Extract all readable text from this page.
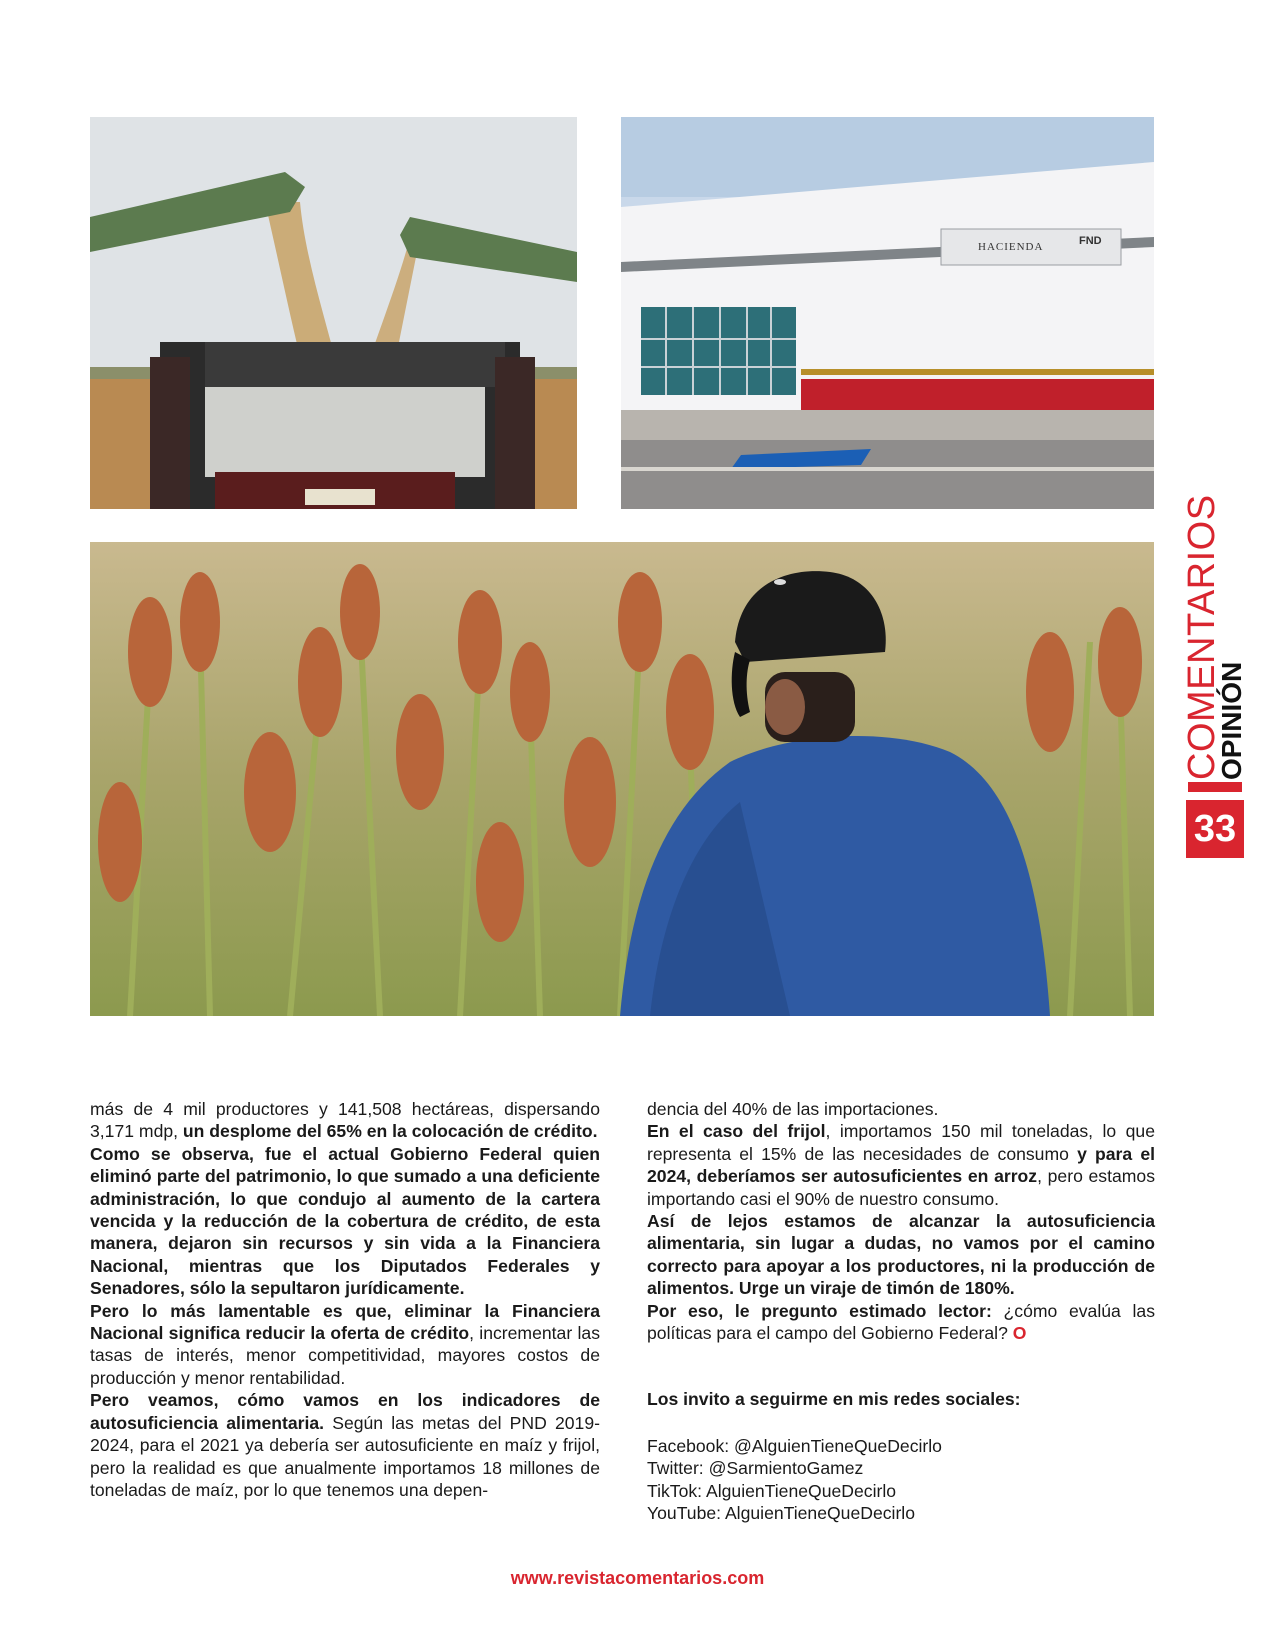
HACIENDA	FND
COMENTARIOS
OPINIÓN
33

más de 4 mil productores y 141,508 hectáreas, dispersando 3,171 mdp, un desplome del 65% en la colocación de crédito.

Como se observa, fue el actual Gobierno Federal quien eliminó parte del patrimonio, lo que sumado a una deficiente administración, lo que condujo al aumento de la cartera vencida y la reducción de la cobertura de crédito, de esta manera, dejaron sin recursos y sin vida a la Financiera Nacional, mientras que los Diputados Federales y Senadores, sólo la sepultaron jurídicamente.

Pero lo más lamentable es que, eliminar la Financiera Nacional significa reducir la oferta de crédito, incrementar las tasas de interés, menor competitividad, mayores costos de producción y menor rentabilidad.

Pero veamos, cómo vamos en los indicadores de autosuficiencia alimentaria. Según las metas del PND 2019-2024, para el 2021 ya debería ser autosuficiente en maíz y frijol, pero la realidad es que anualmente importamos 18 millones de toneladas de maíz, por lo que tenemos una depen-

dencia del 40% de las importaciones.

En el caso del frijol, importamos 150 mil toneladas, lo que representa el 15% de las necesidades de consumo y para el 2024, deberíamos ser autosuficientes en arroz, pero estamos importando casi el 90% de nuestro consumo.

Así de lejos estamos de alcanzar la autosuficiencia alimentaria, sin lugar a dudas, no vamos por el camino correcto para apoyar a los productores, ni la producción de alimentos. Urge un viraje de timón de 180%.

Por eso, le pregunto estimado lector: ¿cómo evalúa las políticas para el campo del Gobierno Federal? O

Los invito a seguirme en mis redes sociales:

Facebook: @AlguienTieneQueDecirlo

Twitter: @SarmientoGamez

TikTok: AlguienTieneQueDecirlo

YouTube: AlguienTieneQueDecirlo

www.revistacomentarios.com
